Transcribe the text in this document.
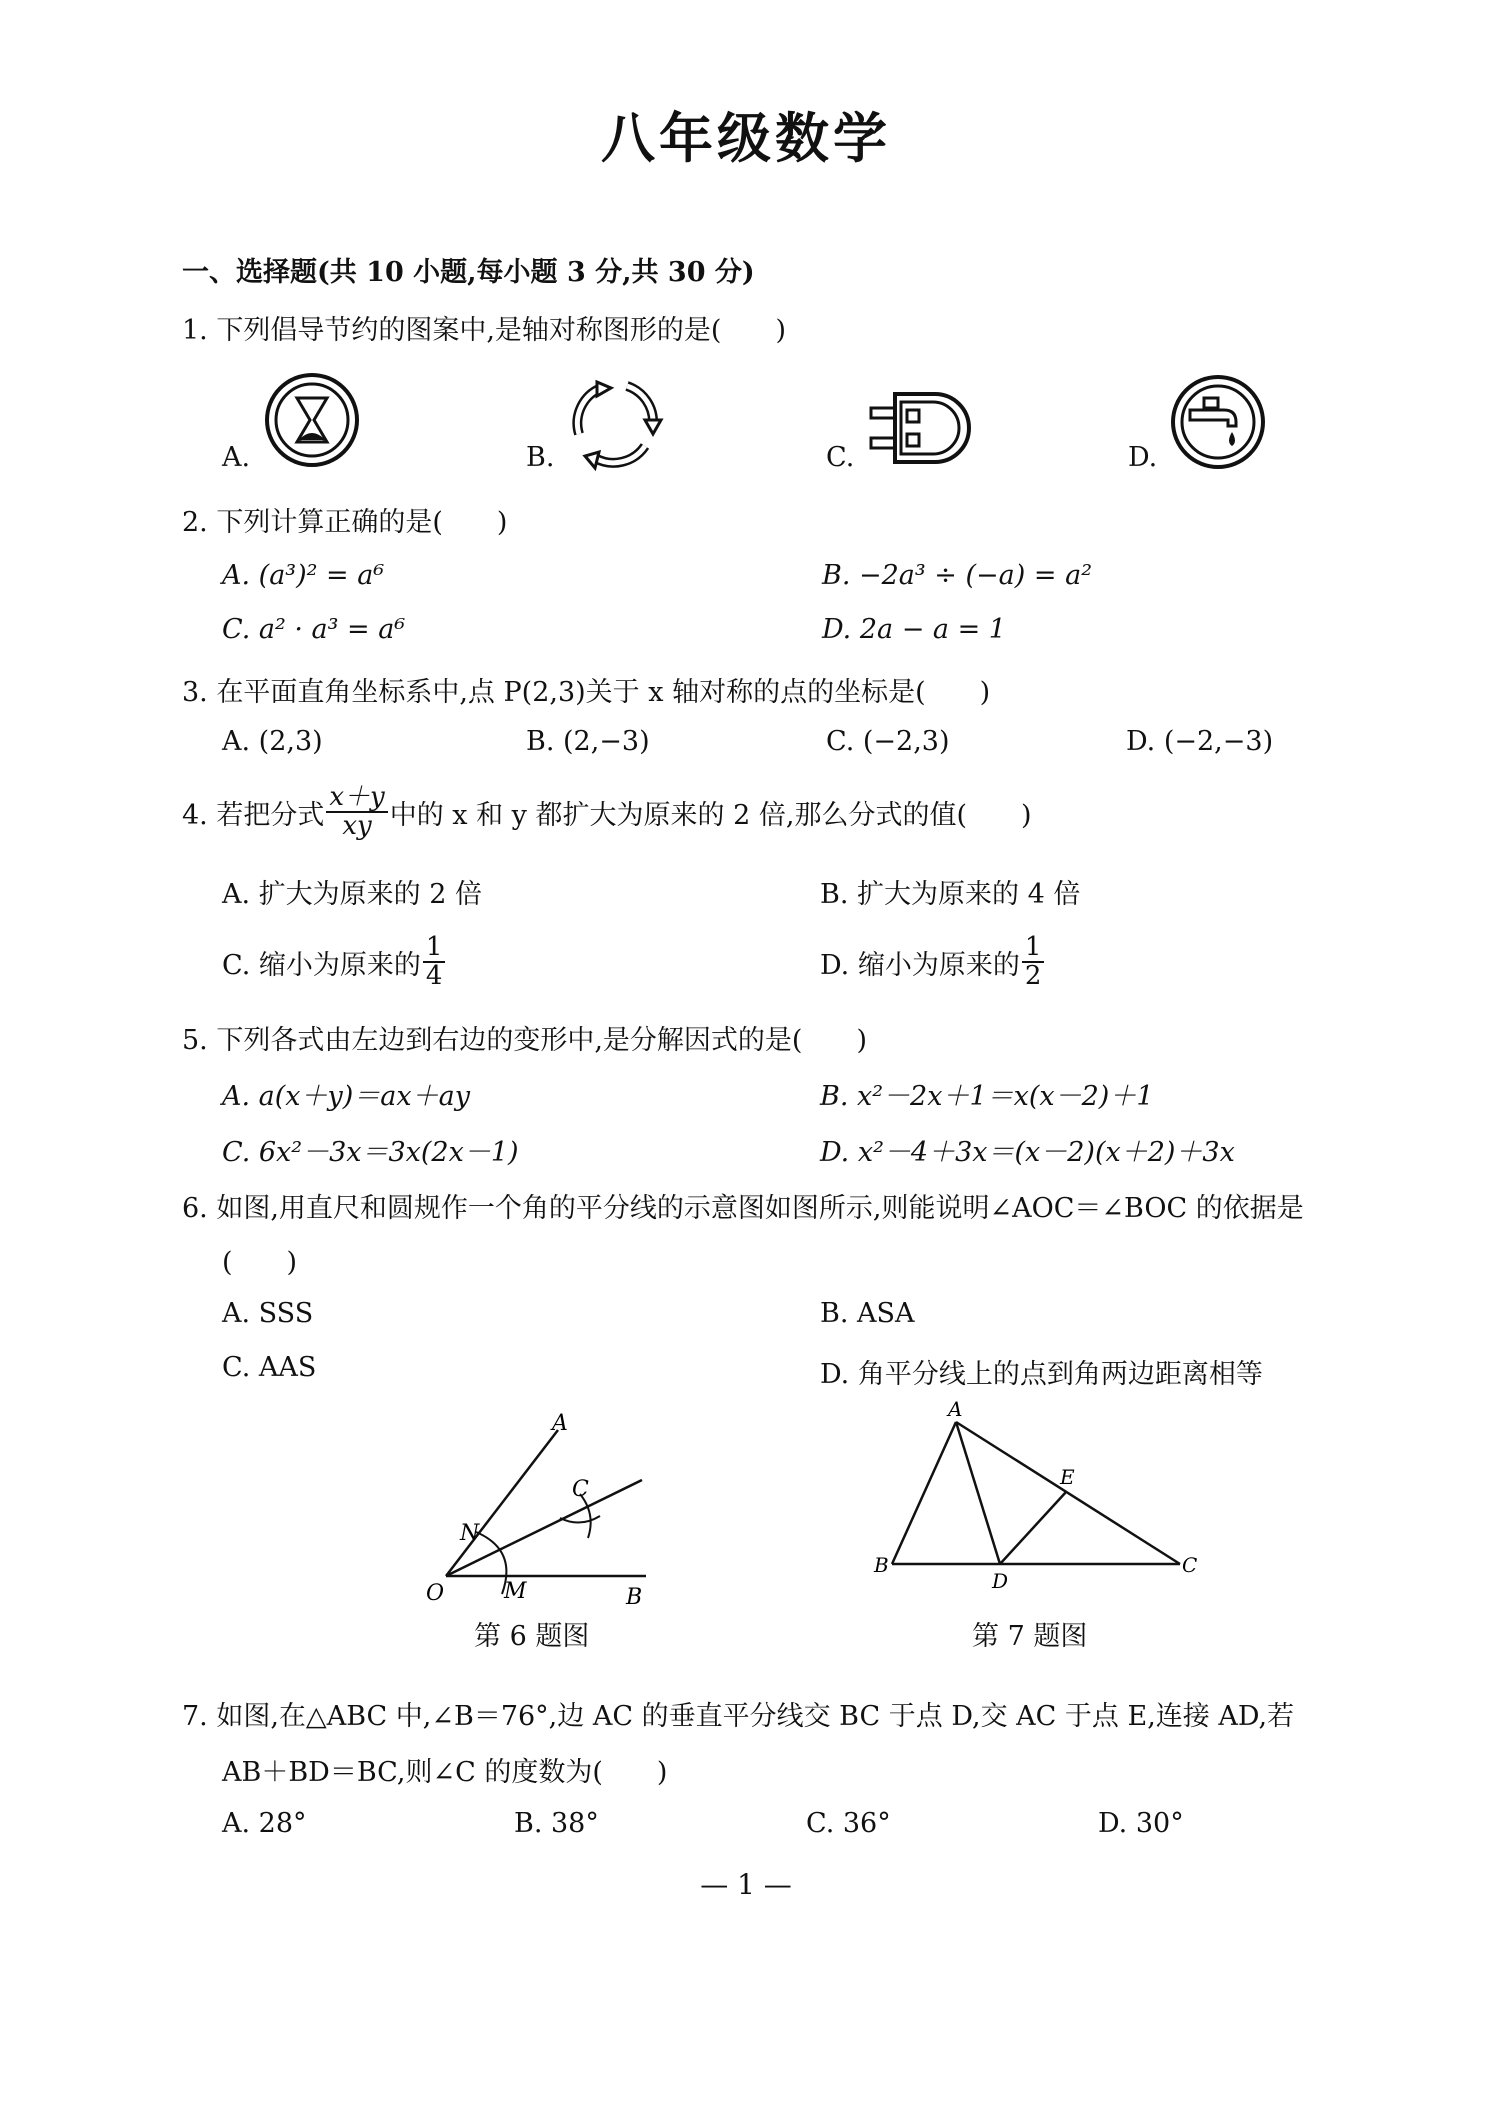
八年级数学
一、选择题(共 10 小题,每小题 3 分,共 30 分)
1. 下列倡导节约的图案中,是轴对称图形的是(　　)
A.	B.	C.	D.
2. 下列计算正确的是(　　)
A. (a³)² = a⁶	B. −2a³ ÷ (−a) = a²
C. a² · a³ = a⁶	D. 2a − a = 1
3. 在平面直角坐标系中,点 P(2,3)关于 x 轴对称的点的坐标是(　　)
A. (2,3)	B. (2,−3)	C. (−2,3)	D. (−2,−3)
4. 若把分式 $\frac{x+y}{xy}$ 中的 x 和 y 都扩大为原来的 2 倍,那么分式的值(　　)
A. 扩大为原来的 2 倍	B. 扩大为原来的 4 倍
C. 缩小为原来的 $\frac{1}{4}$	D. 缩小为原来的 $\frac{1}{2}$
5. 下列各式由左边到右边的变形中,是分解因式的是(　　)
A. a(x＋y)＝ax＋ay	B. x²－2x＋1＝x(x－2)＋1
C. 6x²－3x＝3x(2x－1)	D. x²－4＋3x＝(x－2)(x＋2)＋3x
6. 如图,用直尺和圆规作一个角的平分线的示意图如图所示,则能说明∠AOC＝∠BOC 的依据是
(　　)
A. SSS	B. ASA
C. AAS	D. 角平分线上的点到角两边距离相等
A
C
N
O	M	B
第 6 题图
A
E
B
D
C
第 7 题图
7. 如图,在△ABC 中,∠B＝76°,边 AC 的垂直平分线交 BC 于点 D,交 AC 于点 E,连接 AD,若
AB＋BD＝BC,则∠C 的度数为(　　)
A. 28°	B. 38°	C. 36°	D. 30°
— 1 —
